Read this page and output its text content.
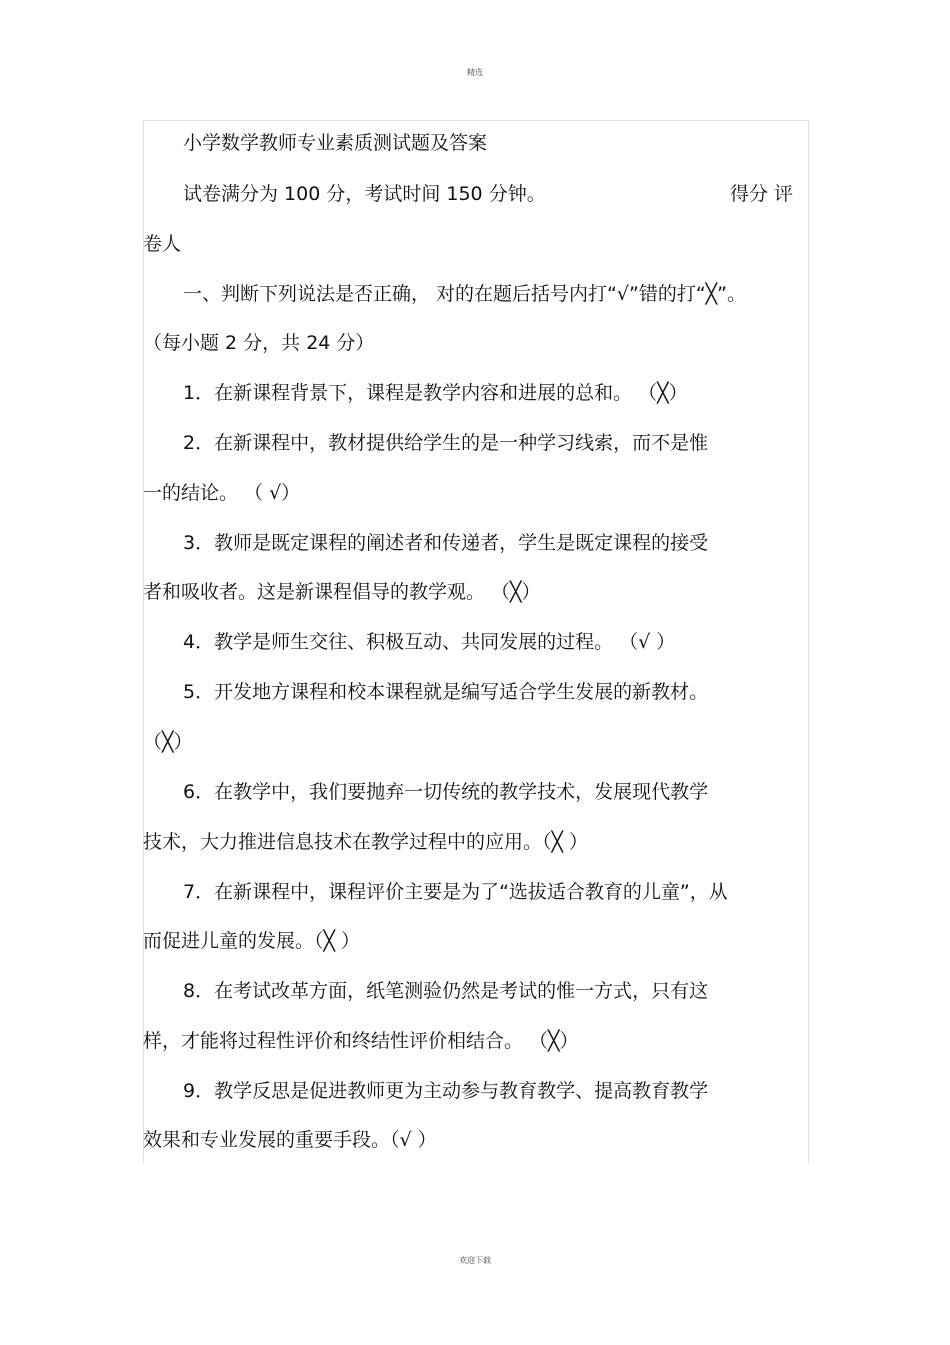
精选
小学数学教师专业素质测试题及答案
试卷满分为 100 分，考试时间 150 分钟。	得分 评
卷人
一、判断下列说法是否正确， 对的在题后括号内打“√”错的打“╳”。
（每小题 2 分，共 24 分）
1．在新课程背景下，课程是教学内容和进展的总和。 （╳）
2．在新课程中，教材提供给学生的是一种学习线索，而不是惟
一的结论。 （ √）
3．教师是既定课程的阐述者和传递者，学生是既定课程的接受
者和吸收者。这是新课程倡导的教学观。 （╳）
4．教学是师生交往、积极互动、共同发展的过程。 （√ ）
5．开发地方课程和校本课程就是编写适合学生发展的新教材。
（╳）
6．在教学中，我们要抛弃一切传统的教学技术，发展现代教学
技术，大力推进信息技术在教学过程中的应用。（╳ ）
7．在新课程中，课程评价主要是为了“选拔适合教育的儿童”，从
而促进儿童的发展。（╳ ）
8．在考试改革方面，纸笔测验仍然是考试的惟一方式，只有这
样，才能将过程性评价和终结性评价相结合。 （╳）
9．教学反思是促进教师更为主动参与教育教学、提高教育教学
效果和专业发展的重要手段。（√ ）
欢迎下载
